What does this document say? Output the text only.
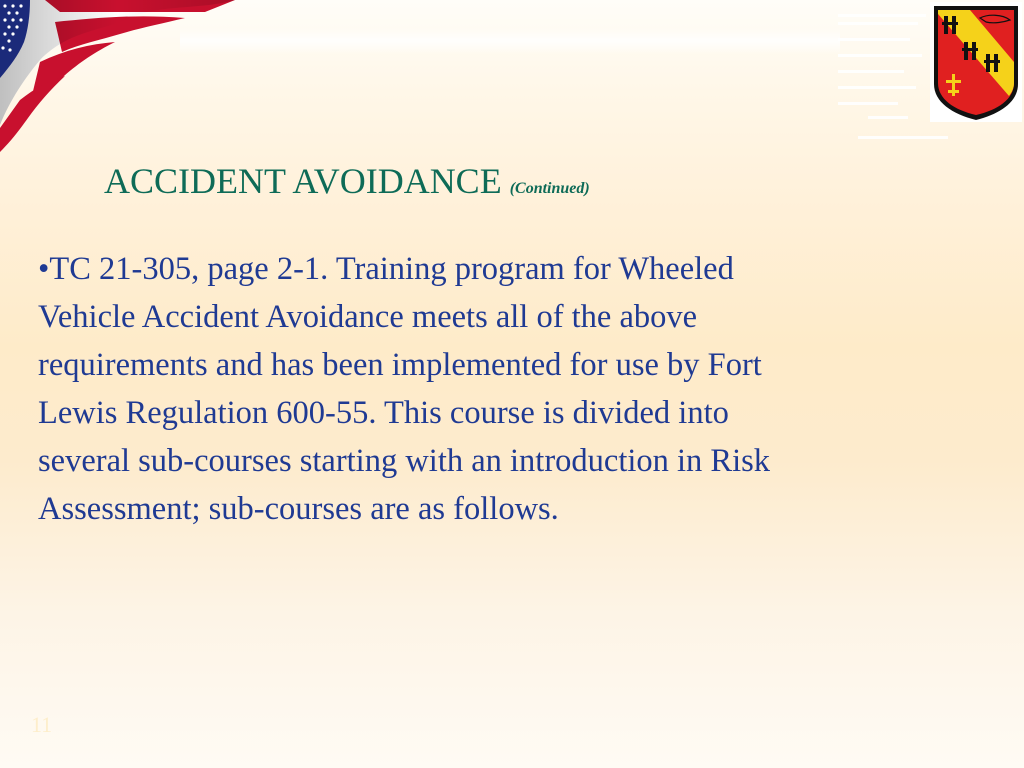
ACCIDENT AVOIDANCE (Continued)

•TC 21-305, page 2-1. Training program for Wheeled

Vehicle Accident Avoidance meets all of the above

requirements and has been implemented for use by Fort

Lewis Regulation 600-55. This course is divided into

several sub-courses starting with an introduction in Risk

Assessment; sub-courses are as follows.

11
